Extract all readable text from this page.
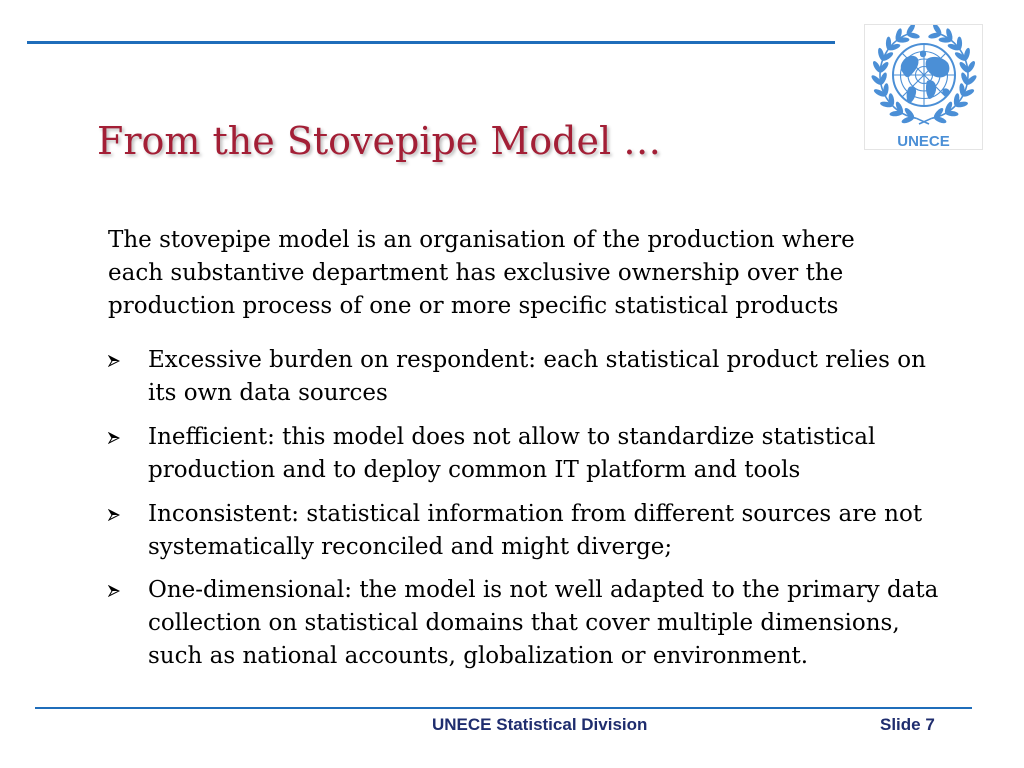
UNECE
From the Stovepipe Model …
The stovepipe model is an organisation of the production where
each substantive department has exclusive ownership over the
production process of one or more specific statistical products
Excessive burden on respondent: each statistical product relies on
its own data sources
Inefficient: this model does not allow to standardize statistical
production and to deploy common IT platform and tools
Inconsistent: statistical information from different sources are not
systematically reconciled and might diverge;
One-dimensional: the model is not well adapted to the primary data
collection on statistical domains that cover multiple dimensions,
such as national accounts, globalization or environment.
UNECE Statistical Division	Slide 7
